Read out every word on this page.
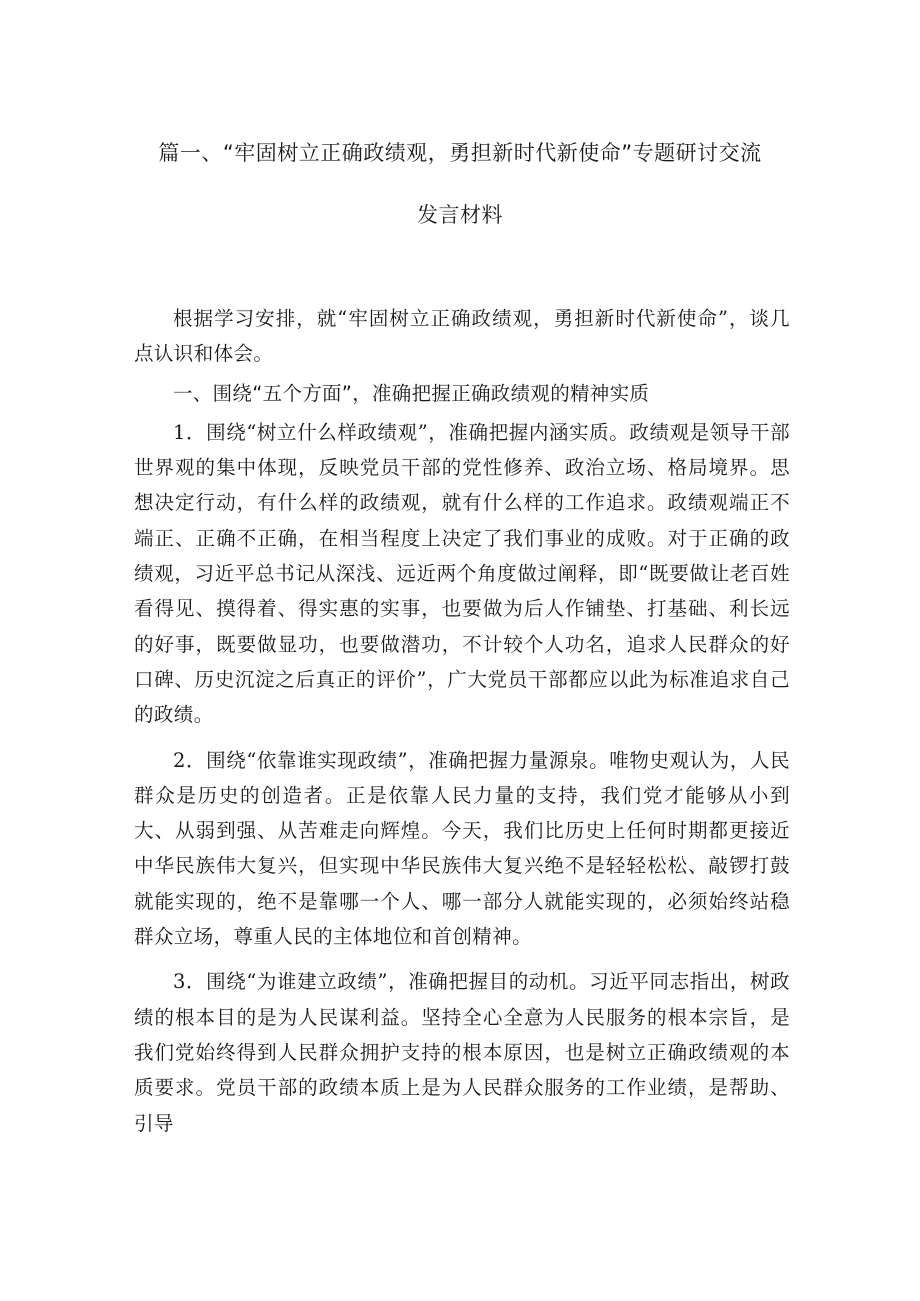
篇一、“牢固树立正确政绩观，勇担新时代新使命”专题研讨交流
发言材料

根据学习安排，就“牢固树立正确政绩观，勇担新时代新使命”，谈几点认识和体会。

一、围绕“五个方面”，准确把握正确政绩观的精神实质

1．围绕“树立什么样政绩观”，准确把握内涵实质。政绩观是领导干部世界观的集中体现，反映党员干部的党性修养、政治立场、格局境界。思想决定行动，有什么样的政绩观，就有什么样的工作追求。政绩观端正不端正、正确不正确，在相当程度上决定了我们事业的成败。对于正确的政绩观，习近平总书记从深浅、远近两个角度做过阐释，即“既要做让老百姓看得见、摸得着、得实惠的实事，也要做为后人作铺垫、打基础、利长远的好事，既要做显功，也要做潜功，不计较个人功名，追求人民群众的好口碑、历史沉淀之后真正的评价”，广大党员干部都应以此为标准追求自己的政绩。

2．围绕“依靠谁实现政绩”，准确把握力量源泉。唯物史观认为，人民群众是历史的创造者。正是依靠人民力量的支持，我们党才能够从小到大、从弱到强、从苦难走向辉煌。今天，我们比历史上任何时期都更接近中华民族伟大复兴，但实现中华民族伟大复兴绝不是轻轻松松、敲锣打鼓就能实现的，绝不是靠哪一个人、哪一部分人就能实现的，必须始终站稳群众立场，尊重人民的主体地位和首创精神。

3．围绕“为谁建立政绩”，准确把握目的动机。习近平同志指出，树政绩的根本目的是为人民谋利益。坚持全心全意为人民服务的根本宗旨，是我们党始终得到人民群众拥护支持的根本原因，也是树立正确政绩观的本质要求。党员干部的政绩本质上是为人民群众服务的工作业绩，是帮助、引导
